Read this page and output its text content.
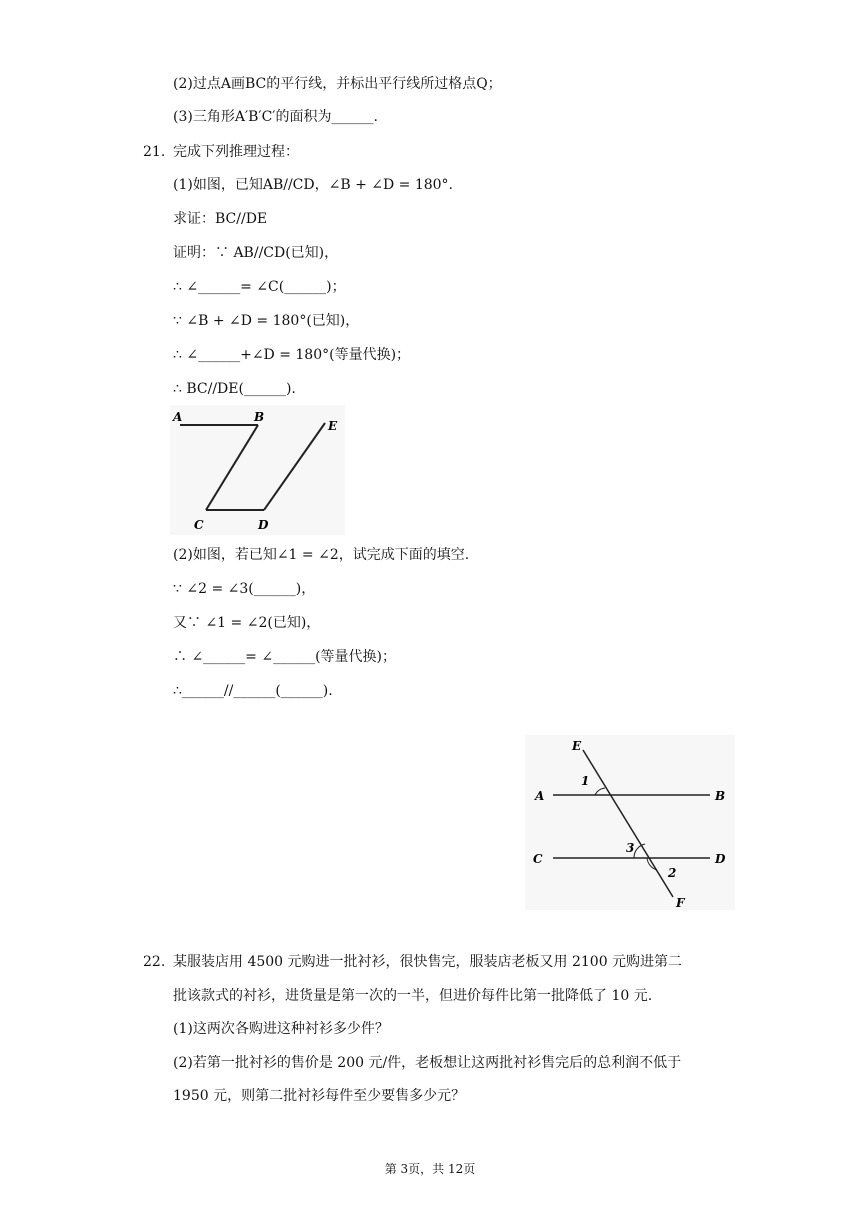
(2)过点A画BC的平行线，并标出平行线所过格点Q；
(3)三角形A′B′C′的面积为______.
21. 完成下列推理过程：
(1)如图，已知AB//CD，∠B + ∠D = 180°.
求证：BC//DE
证明：∵ AB//CD(已知)，
∴ ∠______= ∠C(______)；
∵ ∠B + ∠D = 180°(已知)，
∴ ∠______+∠D = 180°(等量代换)；
∴ BC//DE(______).
A	B
C	D
E
(2)如图，若已知∠1 = ∠2，试完成下面的填空.
∵ ∠2 = ∠3(______)，
又∵ ∠1 = ∠2(已知)，
∴ ∠______= ∠______(等量代换)；
∴______//______(______).
E
A	B
C	D
F
1
2
3
22. 某服装店用 4500 元购进一批衬衫，很快售完，服装店老板又用 2100 元购进第二
批该款式的衬衫，进货量是第一次的一半，但进价每件比第一批降低了 10 元.
(1)这两次各购进这种衬衫多少件？
(2)若第一批衬衫的售价是 200 元/件，老板想让这两批衬衫售完后的总利润不低于
1950 元，则第二批衬衫每件至少要售多少元？
第 3页，共 12页
